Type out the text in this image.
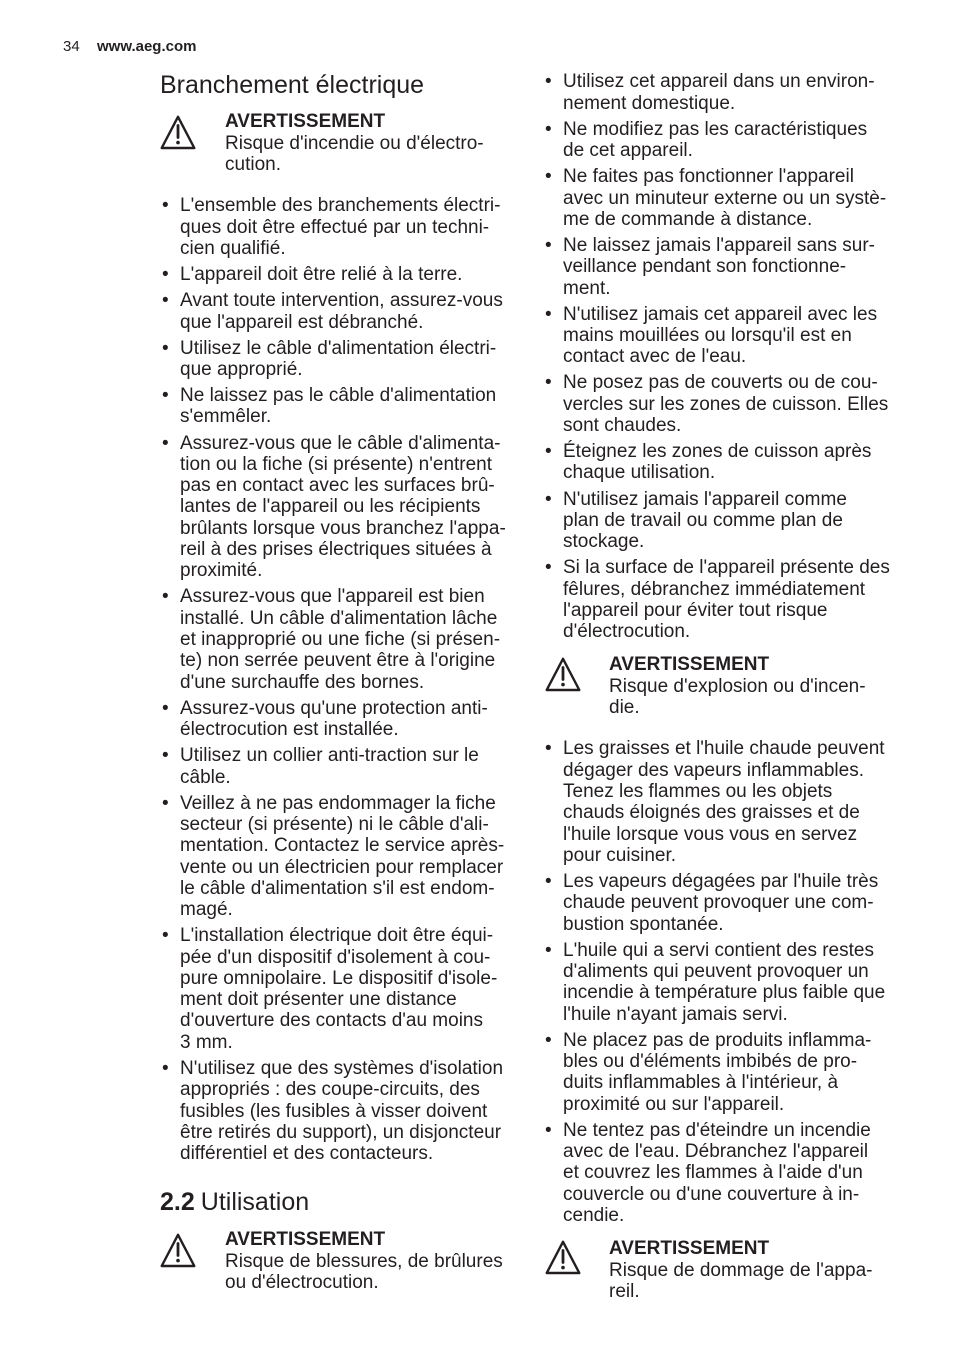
34 www.aeg.com
Branchement électrique
AVERTISSEMENT
Risque d'incendie ou d'électro-
cution.
• L'ensemble des branchements électri-
ques doit être effectué par un techni-
cien qualifié.
• L'appareil doit être relié à la terre.
• Avant toute intervention, assurez-vous
que l'appareil est débranché.
• Utilisez le câble d'alimentation électri-
que approprié.
• Ne laissez pas le câble d'alimentation
s'emmêler.
• Assurez-vous que le câble d'alimenta-
tion ou la fiche (si présente) n'entrent
pas en contact avec les surfaces brû-
lantes de l'appareil ou les récipients
brûlants lorsque vous branchez l'appa-
reil à des prises électriques situées à
proximité.
• Assurez-vous que l'appareil est bien
installé. Un câble d'alimentation lâche
et inapproprié ou une fiche (si présen-
te) non serrée peuvent être à l'origine
d'une surchauffe des bornes.
• Assurez-vous qu'une protection anti-
électrocution est installée.
• Utilisez un collier anti-traction sur le
câble.
• Veillez à ne pas endommager la fiche
secteur (si présente) ni le câble d'ali-
mentation. Contactez le service après-
vente ou un électricien pour remplacer
le câble d'alimentation s'il est endom-
magé.
• L'installation électrique doit être équi-
pée d'un dispositif d'isolement à cou-
pure omnipolaire. Le dispositif d'isole-
ment doit présenter une distance
d'ouverture des contacts d'au moins
3 mm.
• N'utilisez que des systèmes d'isolation
appropriés : des coupe-circuits, des
fusibles (les fusibles à visser doivent
être retirés du support), un disjoncteur
différentiel et des contacteurs.
2.2 Utilisation
AVERTISSEMENT
Risque de blessures, de brûlures
ou d'électrocution.
• Utilisez cet appareil dans un environ-
nement domestique.
• Ne modifiez pas les caractéristiques
de cet appareil.
• Ne faites pas fonctionner l'appareil
avec un minuteur externe ou un systè-
me de commande à distance.
• Ne laissez jamais l'appareil sans sur-
veillance pendant son fonctionne-
ment.
• N'utilisez jamais cet appareil avec les
mains mouillées ou lorsqu'il est en
contact avec de l'eau.
• Ne posez pas de couverts ou de cou-
vercles sur les zones de cuisson. Elles
sont chaudes.
• Éteignez les zones de cuisson après
chaque utilisation.
• N'utilisez jamais l'appareil comme
plan de travail ou comme plan de
stockage.
• Si la surface de l'appareil présente des
fêlures, débranchez immédiatement
l'appareil pour éviter tout risque
d'électrocution.
AVERTISSEMENT
Risque d'explosion ou d'incen-
die.
• Les graisses et l'huile chaude peuvent
dégager des vapeurs inflammables.
Tenez les flammes ou les objets
chauds éloignés des graisses et de
l'huile lorsque vous vous en servez
pour cuisiner.
• Les vapeurs dégagées par l'huile très
chaude peuvent provoquer une com-
bustion spontanée.
• L'huile qui a servi contient des restes
d'aliments qui peuvent provoquer un
incendie à température plus faible que
l'huile n'ayant jamais servi.
• Ne placez pas de produits inflamma-
bles ou d'éléments imbibés de pro-
duits inflammables à l'intérieur, à
proximité ou sur l'appareil.
• Ne tentez pas d'éteindre un incendie
avec de l'eau. Débranchez l'appareil
et couvrez les flammes à l'aide d'un
couvercle ou d'une couverture à in-
cendie.
AVERTISSEMENT
Risque de dommage de l'appa-
reil.
